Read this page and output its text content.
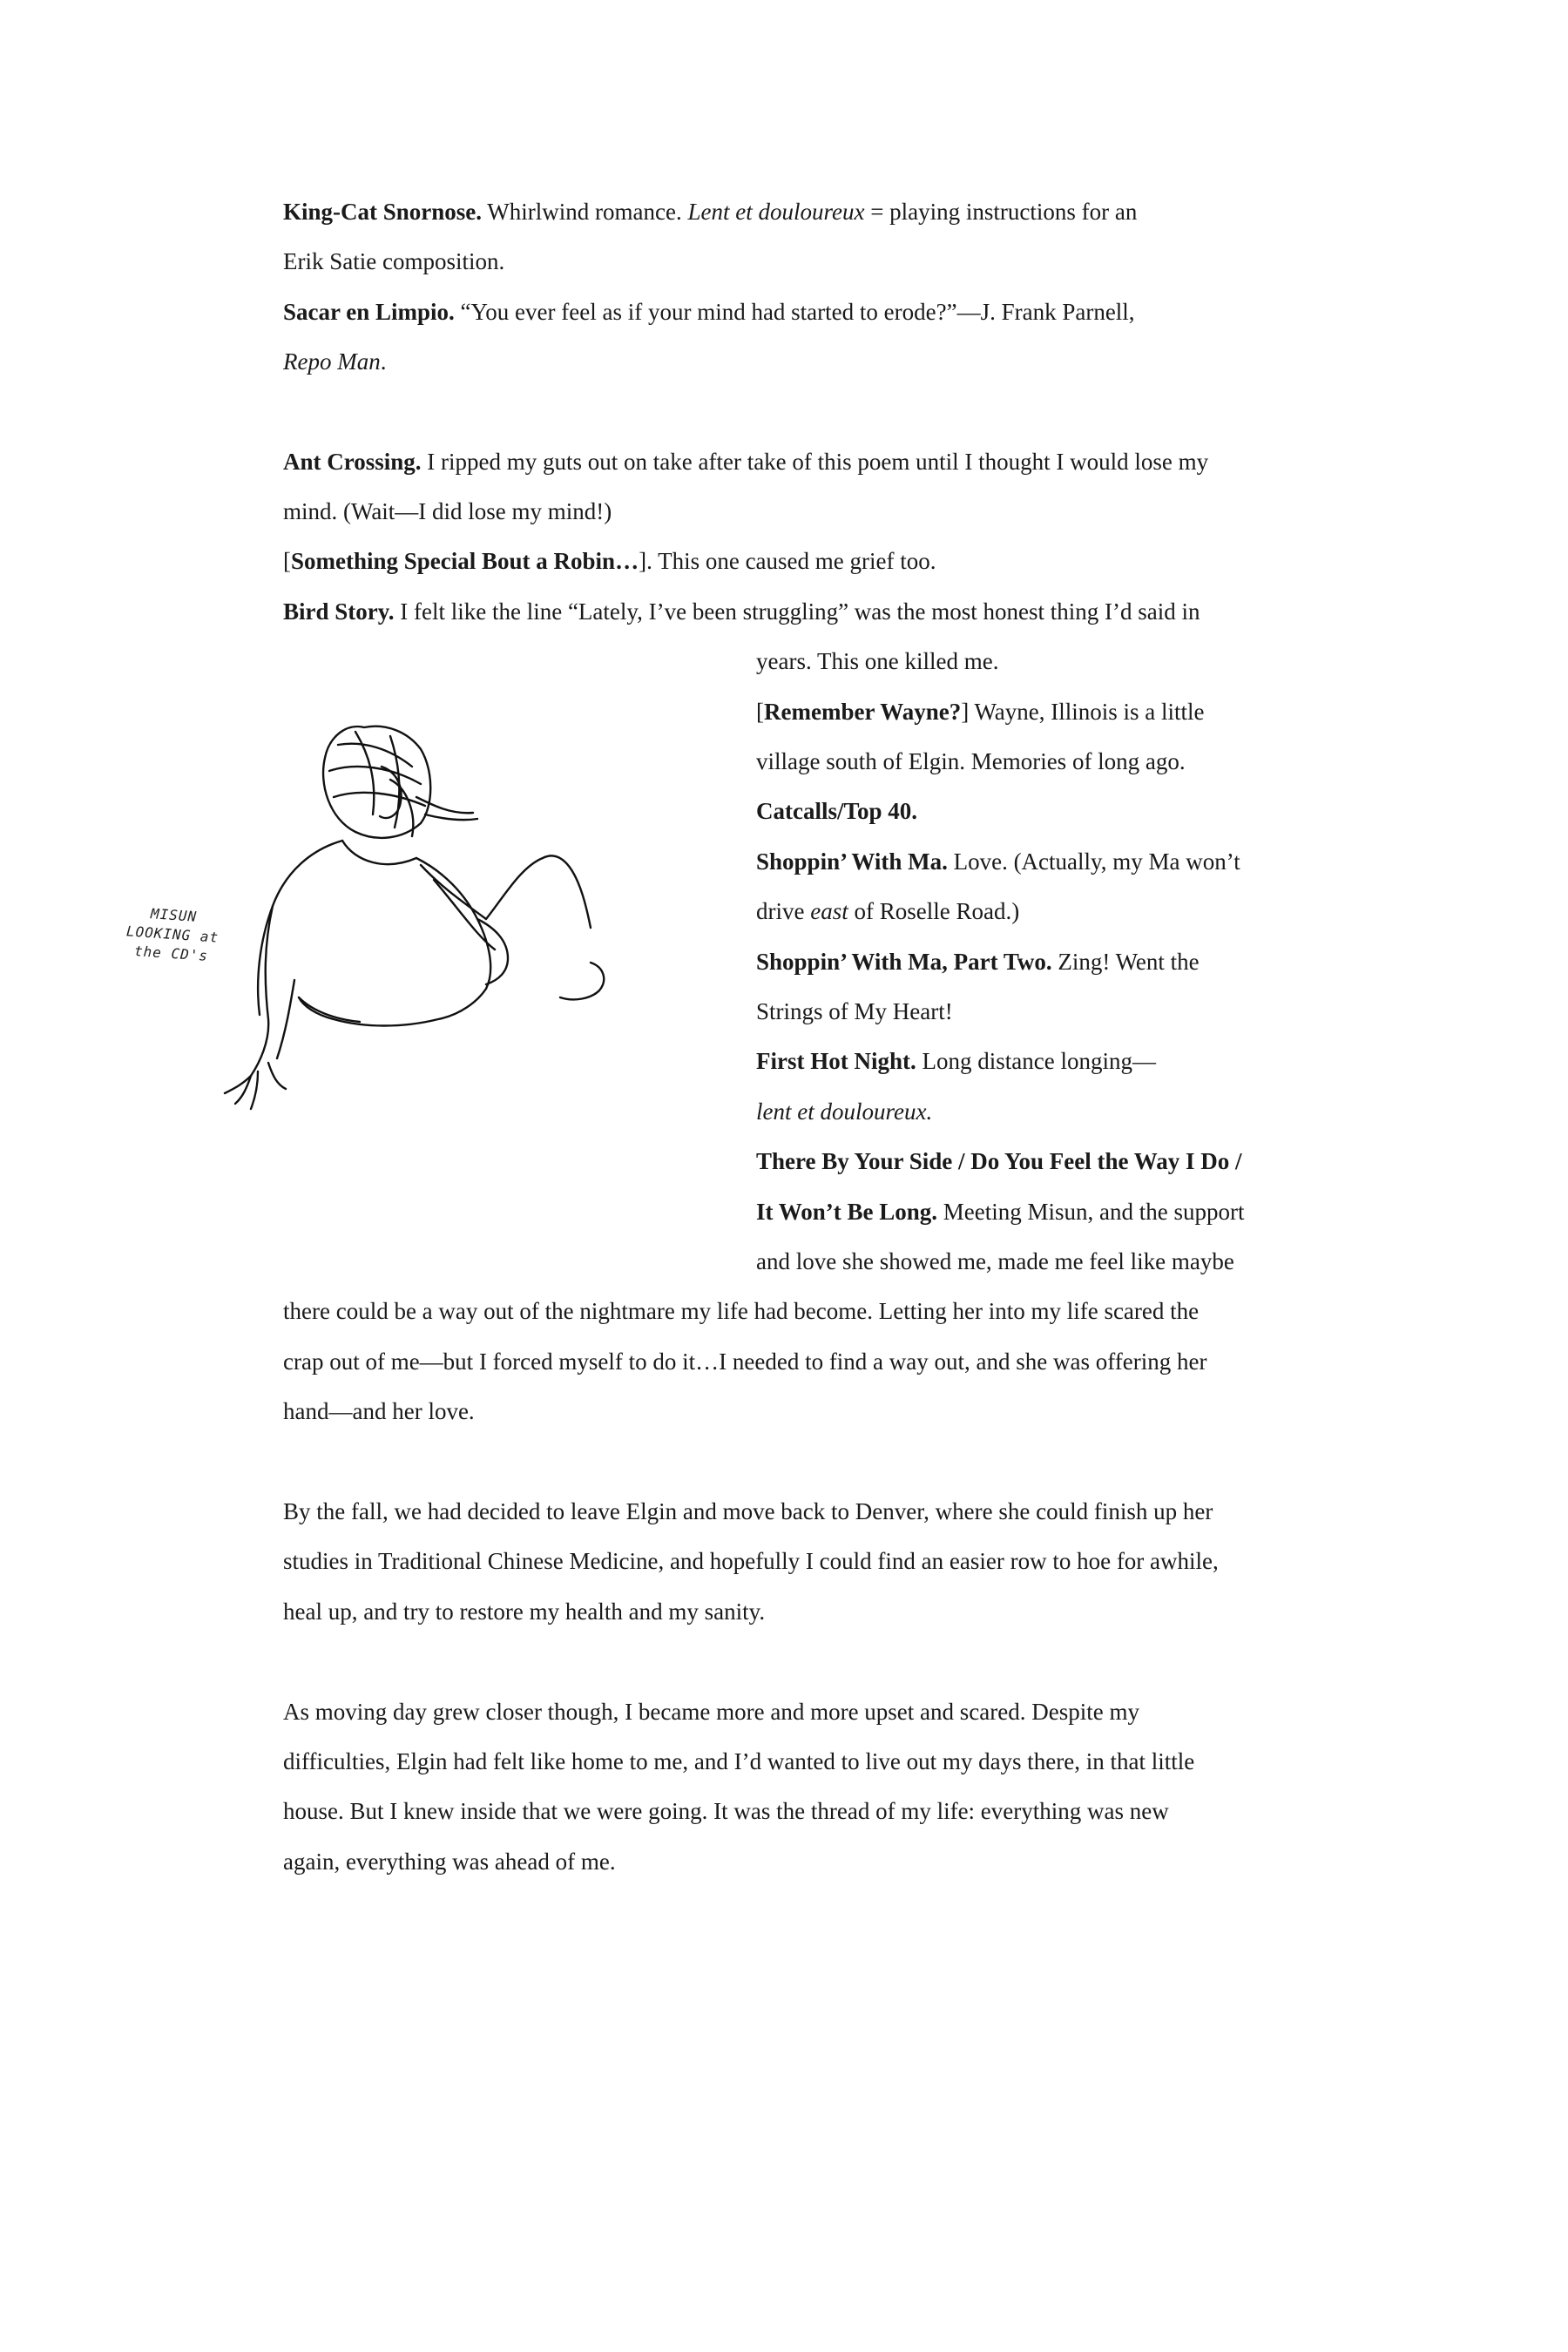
King-Cat Snornose. Whirlwind romance. Lent et douloureux = playing instructions for an
Erik Satie composition.
Sacar en Limpio. “You ever feel as if your mind had started to erode?”—J. Frank Parnell,
Repo Man.
Ant Crossing. I ripped my guts out on take after take of this poem until I thought I would lose my
mind. (Wait—I did lose my mind!)
[Something Special Bout a Robin…]. This one caused me grief too.
Bird Story. I felt like the line “Lately, I’ve been struggling” was the most honest thing I’d said in
years. This one killed me.
[Remember Wayne?] Wayne, Illinois is a little
village south of Elgin. Memories of long ago.
Catcalls/Top 40.
Shoppin’ With Ma. Love. (Actually, my Ma won’t
drive east of Roselle Road.)
Shoppin’ With Ma, Part Two. Zing! Went the
Strings of My Heart!
First Hot Night. Long distance longing—
lent et douloureux.
There By Your Side / Do You Feel the Way I Do /
It Won’t Be Long. Meeting Misun, and the support
and love she showed me, made me feel like maybe
there could be a way out of the nightmare my life had become. Letting her into my life scared the
crap out of me—but I forced myself to do it…I needed to find a way out, and she was offering her
hand—and her love.
By the fall, we had decided to leave Elgin and move back to Denver, where she could finish up her
studies in Traditional Chinese Medicine, and hopefully I could find an easier row to hoe for awhile,
heal up, and try to restore my health and my sanity.
As moving day grew closer though, I became more and more upset and scared. Despite my
difficulties, Elgin had felt like home to me, and I’d wanted to live out my days there, in that little
house. But I knew inside that we were going. It was the thread of my life: everything was new
again, everything was ahead of me.
MISUN
LOOKING at
the CD's
